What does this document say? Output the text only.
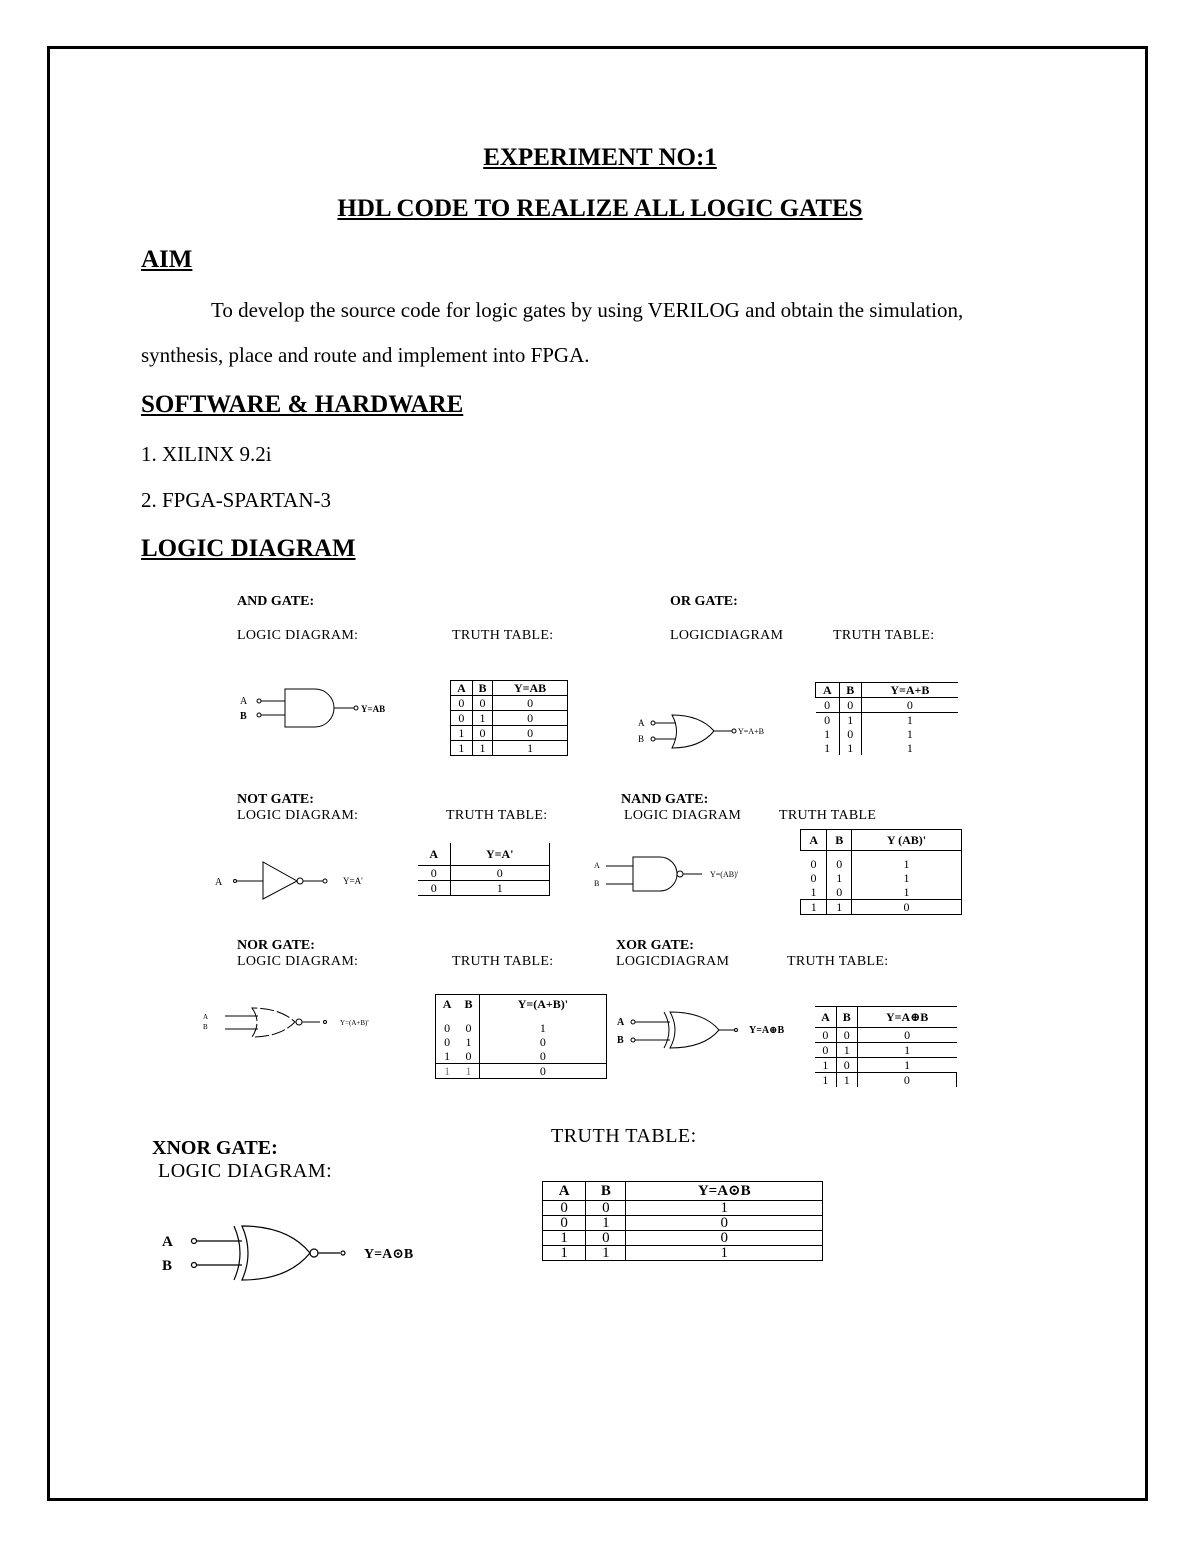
EXPERIMENT NO:1
HDL CODE TO REALIZE ALL LOGIC GATES
AIM
To develop the source code for logic gates by using VERILOG and obtain the simulation,
synthesis, place and route and implement into FPGA.
SOFTWARE & HARDWARE
1. XILINX 9.2i
2. FPGA-SPARTAN-3
LOGIC DIAGRAM
AND GATE:
LOGIC DIAGRAM:	TRUTH TABLE:
A
B
Y=AB
A	B	Y=AB
0	0	0
0	1	0
1	0	0
1	1	1
OR GATE:
LOGICDIAGRAM	TRUTH TABLE:
A
B
Y=A+B
A	B	Y=A+B
0	0	0
0	1	1
1	0	1
1	1	1
NOT GATE:
LOGIC DIAGRAM:	TRUTH TABLE:
A	Y=A'
A	Y=A'
0	0
0	1
NAND GATE:
LOGIC DIAGRAM	TRUTH TABLE
A
B
Y=(AB)'
A	B	Y (AB)'
0	0	1
0	1	1
1	0	1
1	1	0
NOR GATE:
LOGIC DIAGRAM:	TRUTH TABLE:
A
B	Y=(A+B)'
A	B	Y=(A+B)'
0	0	1
0	1	0
1	0	0
1	1	0
XOR GATE:
LOGICDIAGRAM	TRUTH TABLE:
A
B
Y=A⊕B
A	B	Y=A⊕B
0	0	0
0	1	1
1	0	1
1	1	0
XNOR GATE:
LOGIC DIAGRAM:
TRUTH TABLE:
A
B
Y=A⊙B
A	B	Y=A⊙B
0	0	1
0	1	0
1	0	0
1	1	1
